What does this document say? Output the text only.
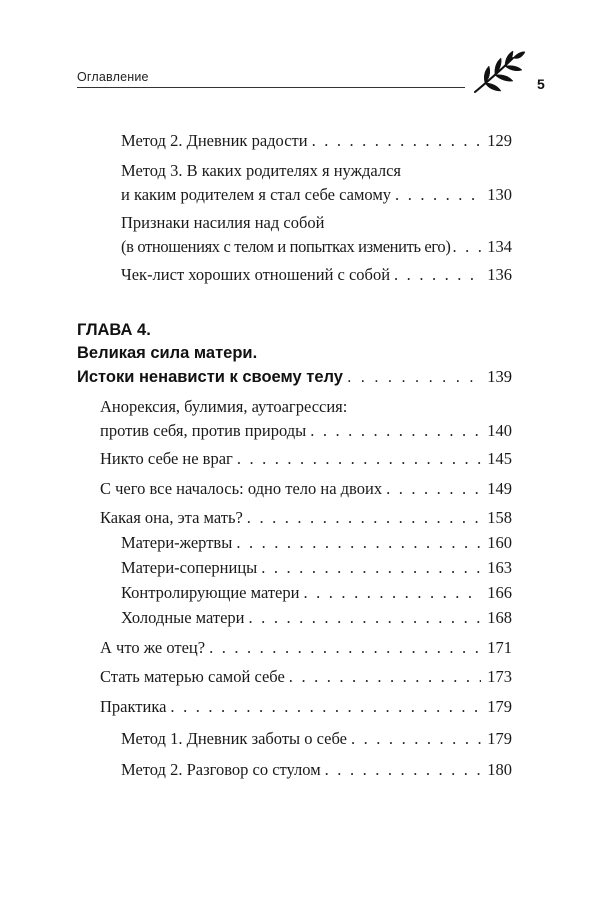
Оглавление	5
Метод 2. Дневник радости . . .	129
Метод 3. В каких родителях я нуждался
и каким родителем я стал себе самому . . .	130
Признаки насилия над собой
(в отношениях с телом и попытках изменить его) . . . 134
Чек-лист хороших отношений с собой . . .	136
ГЛАВА 4.
Великая сила матери.
Истоки ненависти к своему телу . . .	139
Анорексия, булимия, аутоагрессия:
против себя, против природы . . .	140
Никто себе не враг . . .	145
С чего все началось: одно тело на двоих . . .	149
Какая она, эта мать? . . .	158
Матери-жертвы . . .	160
Матери-соперницы . . .	163
Контролирующие матери . . .	166
Холодные матери . . .	168
А что же отец? . . .	171
Стать матерью самой себе . . .	173
Практика . . .	179
Метод 1. Дневник заботы о себе . . .	179
Метод 2. Разговор со стулом . . .	180
